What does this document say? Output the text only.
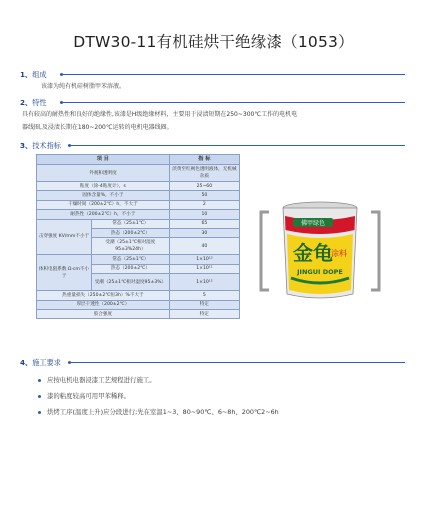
DTW30-11有机硅烘干绝缘漆（1053）
1、组成
该漆为纯有机硅树脂甲苯溶液。
2、特性
具有较高的耐热性和良好的绝缘性,该漆是H级绝缘材料，主要用于浸渍短期在250~300℃工作的电机电
器线圈,及浸渍长期在180~200℃运转的电机电器线圈。
3、技术指标
项 目		指 标
外观和透明度		淡黄至红褐色透明液体，无机械杂质
粘度（涂-4粘度计），s		25~60
固体含量%，不小于		50
干燥时间（200±2℃）h，不大于		2
耐热性（200±2℃）h，不小于		10
击穿强度 KV/mm不小于	常态（25±1℃）	65
	热态（200±2℃）	30
	受潮（25±1℃相对湿度95±3%24h）	40
体积电阻系数 Ω·cm不小于	常态（25±1℃）	1×10¹³
	热态（200±2℃）	1×10¹¹
	受潮（25±1℃相对湿度95±3%）	1×10¹²
热重量损失（250±2℃恒3h）%不大于		5
厚层干透性（200±2℃）		特定
胶合强度		特定
佛甲绿色
金龟
涂料
JINGUI DOPE
4、施工要求
应按电机电器浸漆工艺规程进行施工。
漆的粘度较高可用甲苯稀释。
烘烤工序(温度上升)应分段进行;先在室温1~3、80~90℃、6~8h、200℃2~6h
